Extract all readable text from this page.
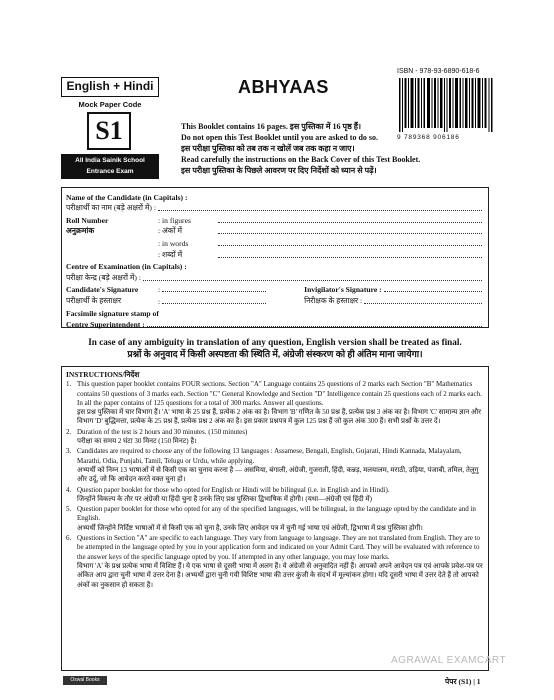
English + Hindi
Mock Paper Code
S1
All India Sainik School
Entrance Exam
ABHYAAS
ISBN - 978-93-6890-618-6
9 789368 906186
This Booklet contains 16 pages. इस पुस्तिका में 16 पृष्ठ हैं।
Do not open this Test Booklet until you are asked to do so.
इस परीक्षा पुस्तिका को तब तक न खोलें जब तक कहा न जाए।
Read carefully the instructions on the Back Cover of this Test Booklet.
इस परीक्षा पुस्तिका के पिछले आवरण पर दिए निर्देशों को ध्यान से पढ़ें।
Name of the Candidate (in Capitals) :
परीक्षार्थी का नाम (बड़े अक्षरों में) :
Roll Number	: in figures
अनुक्रमांक	: अंकों में
: in words
: शब्दों में
Centre of Examination (in Capitals) :
परीक्षा केन्द्र (बड़े अक्षरों में) :
Candidate's Signature	:	Invigilator's Signature :
परीक्षार्थी के हस्ताक्षर	:	निरीक्षक के हस्ताक्षर :
Facsimile signature stamp of
Centre Superintendent :
In case of any ambiguity in translation of any question, English version shall be treated as final.
प्रश्नों के अनुवाद में किसी अस्पष्टता की स्थिति में, अंग्रेजी संस्करण को ही अंतिम माना जायेगा।
INSTRUCTIONS/निर्देश
1. This question paper booklet contains FOUR sections. Section "A" Language contains 25 questions of 2 marks each Section "B" Mathematics contains 50 questions of 3 marks each. Section "C" General Knowledge and Section "D" Intelligence contain 25 questions each of 2 marks each. In all the paper contains of 125 questions for a total of 300 marks. Answer all questions.
इस प्रश्न पुस्तिका में चार विभाग हैं। 'A' भाषा के 25 प्रश्न हैं, प्रत्येक 2 अंक का है। विभाग 'B' गणित के 50 प्रश्न हैं, प्रत्येक प्रश्न 3 अंक का है। विभाग 'C' सामान्य ज्ञान और विभाग 'D' बुद्धिमत्ता, प्रत्येक के 25 प्रश्न हैं, प्रत्येक प्रश्न 2 अंक का है। इस प्रकार प्रश्नपत्र में कुल 125 प्रश्न हैं जो कुल अंक 300 हैं। सभी प्रश्नों के उत्तर दें।
2. Duration of the test is 2 hours and 30 minutes. (150 minutes)
परीक्षा का समय 2 घंटा 30 मिनट (150 मिनट) है।
3. Candidates are required to choose any of the following 13 languages : Assamese, Bengali, English, Gujarati, Hindi Kannada, Malayalam, Marathi, Odia, Punjabi, Tamil, Telugu or Urdu, while applying.
अभ्यर्थी को निम्न 13 भाषाओं में से किसी एक का चुनाव करना है — असमिया, बंगाली, अंग्रेजी, गुजराती, हिंदी, कन्नड़, मलयालम, मराठी, उड़िया, पंजाबी, तमिल, तेलुगु और उर्दू, जो कि आवेदन करते वक्त चुना हो।
4. Question paper booklet for those who opted for English or Hindi will be bilingual (i.e. in English and in Hindi).
जिन्होंने विकल्प के तौर पर अंग्रेजी या हिंदी चुना है उनके लिए प्रश्न पुस्तिका द्विभाषिक में होगी। (यथा—अंग्रेजी एवं हिंदी में)
5. Question paper booklet for those who opted for any of the specified languages, will be bilingual, in the language opted by the candidate and in English.
अभ्यर्थी जिन्होंने निर्दिष्ट भाषाओं में से किसी एक को चुना है, उनके लिए आवेदन पत्र में चुनी गई भाषा एवं अंग्रेजी, द्विभाषा में प्रश्न पुस्तिका होगी।
6. Questions in Section "A" are specific to each language. They vary from language to language. They are not translated from English. They are to be attempted in the language opted by you in your application form and indicated on your Admit Card. They will be evaluated with reference to the answer keys of the specific language opted by you. If attempted in any other language, you may lose marks.
विभाग 'A' के प्रश्न प्रत्येक भाषा में विशिष्ट हैं। ये एक भाषा से दूसरी भाषा में अलग हैं। ये अंग्रेजी से अनुवादित नहीं हैं। आपको अपने आवेदन पत्र एवं आपके प्रवेश-पत्र पर अंकित आप द्वारा चुनी भाषा में उत्तर देना है। अभ्यर्थी द्वारा चुनी गयी विशिष्ट भाषा की उत्तर कुंजी के संदर्भ में मूल्यांकन होगा। यदि दूसरी भाषा में उत्तर देते हैं तो आपको अंकों का नुकसान हो सकता है।
AGRAWAL EXAMCART
Oswal Books	पेपर (S1) | 1
